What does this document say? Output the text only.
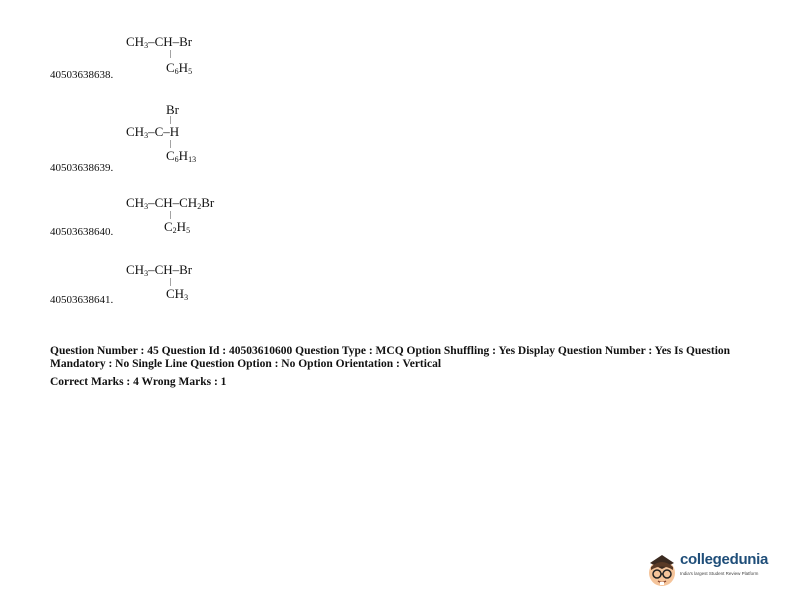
$CH_3-CH-Br$
|
$C_6H_5$
40503638638.
Br
|
$CH_3-C-H$
|
$C_6H_{13}$
40503638639.
$CH_3-CH-CH_2Br$
|
$C_2H_5$
40503638640.
$CH_3-CH-Br$
|
$CH_3$
40503638641.
Question Number : 45 Question Id : 40503610600 Question Type : MCQ Option Shuffling : Yes Display Question Number : Yes Is Question Mandatory : No Single Line Question Option : No Option Orientation : Vertical
Correct Marks : 4 Wrong Marks : 1
collegedunia
India's largest Student Review Platform
